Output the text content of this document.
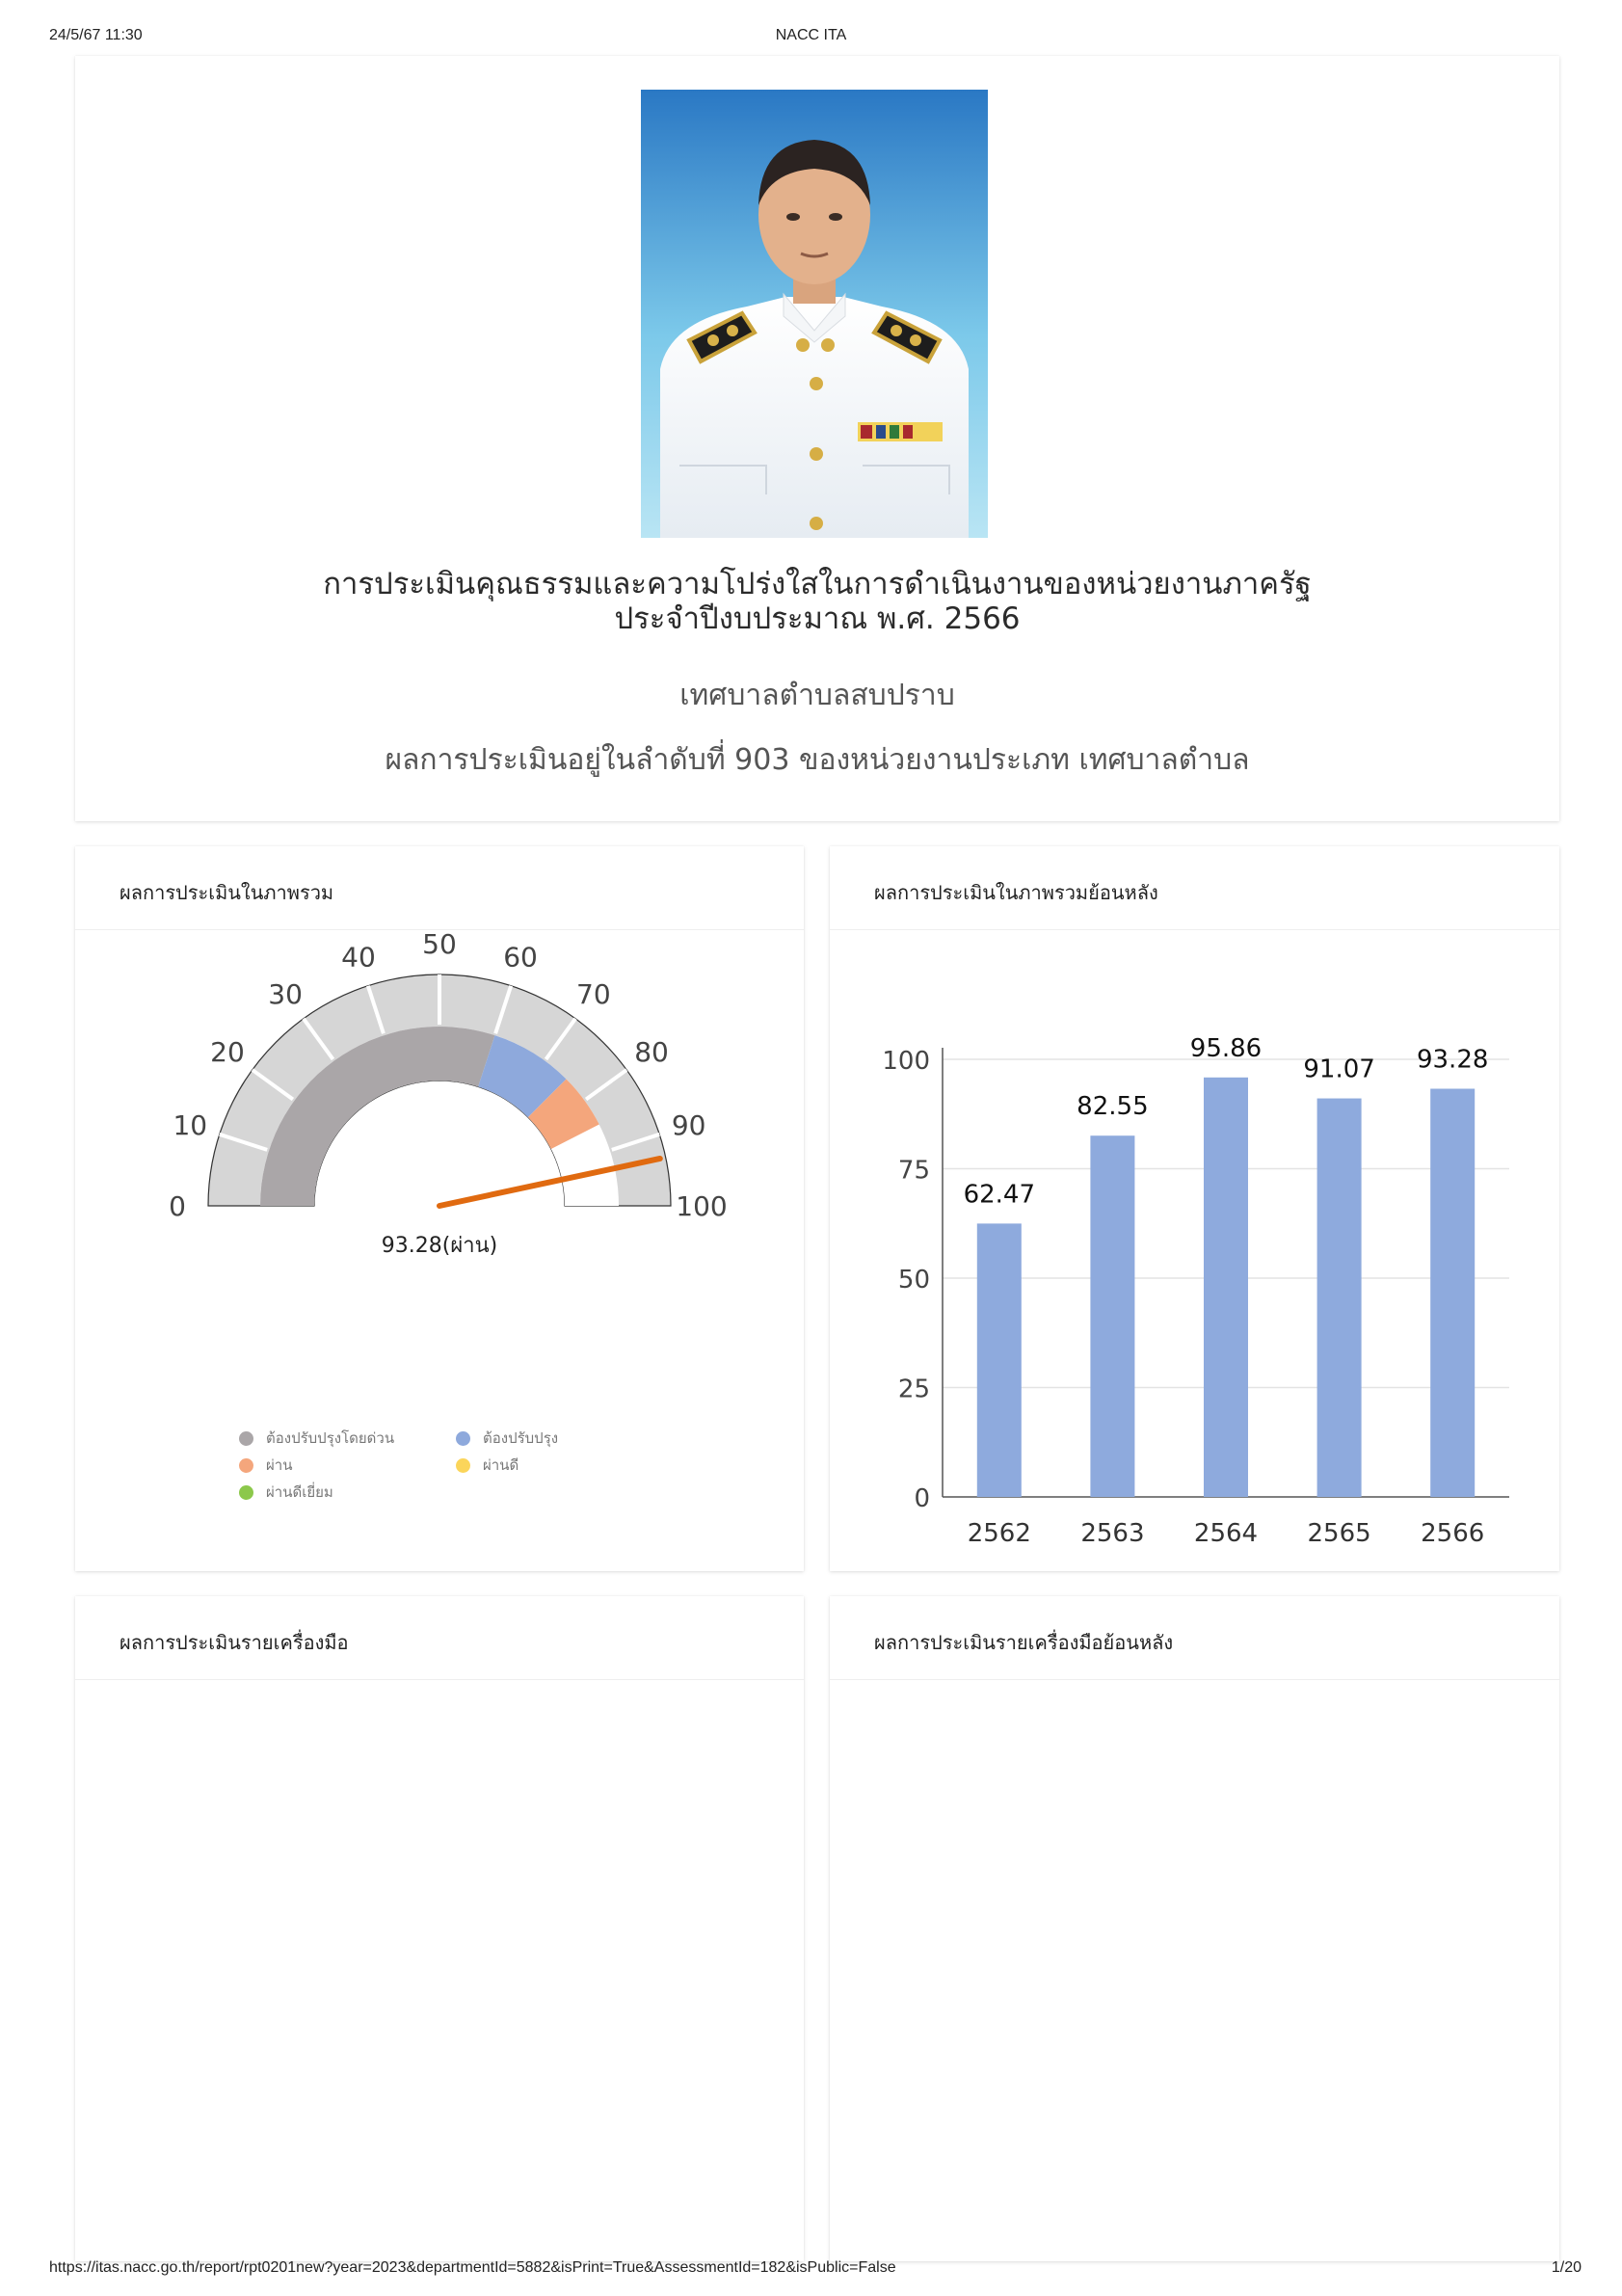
24/5/67 11:30	NACC ITA
การประเมินคุณธรรมและความโปร่งใสในการดำเนินงานของหน่วยงานภาครัฐ
ประจำปีงบประมาณ พ.ศ. 2566
เทศบาลตำบลสบปราบ
ผลการประเมินอยู่ในลำดับที่ 903 ของหน่วยงานประเภท เทศบาลตำบล
ผลการประเมินในภาพรวม
0
10
20
30
40 50 60
70
80
90
100
93.28(ผ่าน)
ต้องปรับปรุงโดยด่วน	ต้องปรับปรุง
ผ่าน	ผ่านดี
ผ่านดีเยี่ยม
ผลการประเมินในภาพรวมย้อนหลัง
0
25
50
75
100
62.47
2562
82.55
2563
95.86
2564
91.07
2565
93.28
2566
ผลการประเมินรายเครื่องมือ	ผลการประเมินรายเครื่องมือย้อนหลัง
https://itas.nacc.go.th/report/rpt0201new?year=2023&departmentId=5882&isPrint=True&AssessmentId=182&isPublic=False	1/20
